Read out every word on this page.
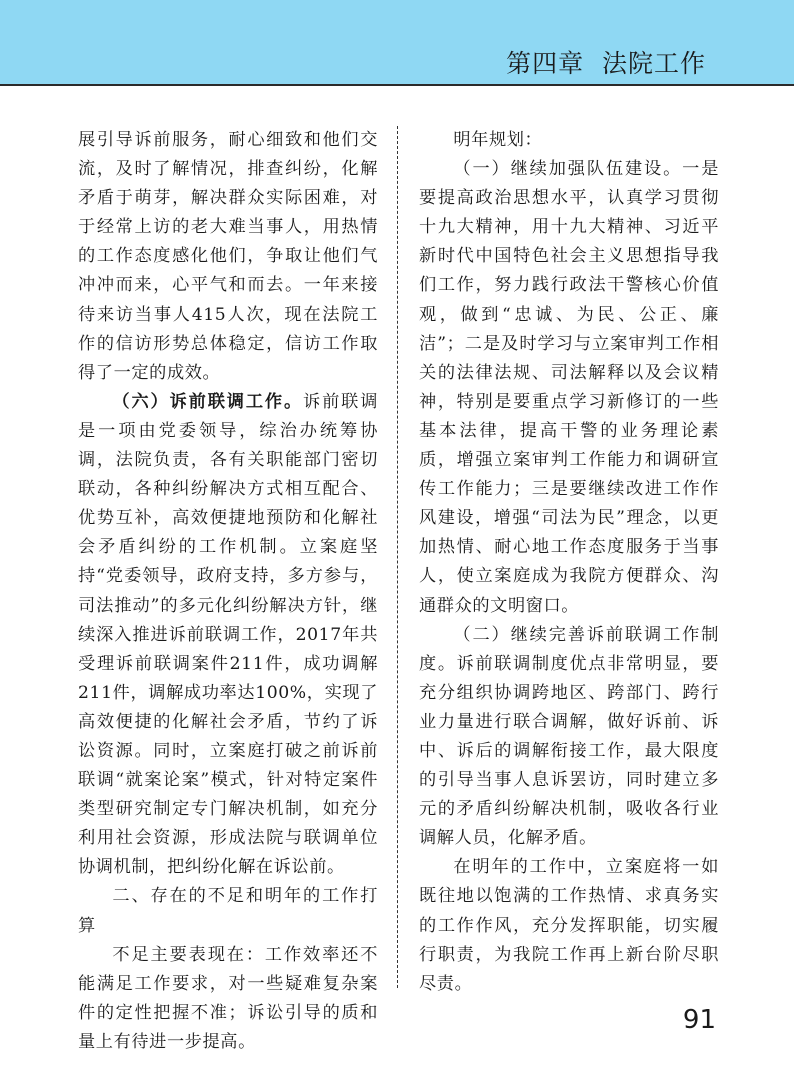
第四章  法院工作

展引导诉前服务，耐心细致和他们交流，及时了解情况，排查纠纷，化解矛盾于萌芽，解决群众实际困难，对于经常上访的老大难当事人，用热情的工作态度感化他们，争取让他们气冲冲而来，心平气和而去。一年来接待来访当事人415人次，现在法院工作的信访形势总体稳定，信访工作取得了一定的成效。

（六）诉前联调工作。诉前联调是一项由党委领导，综治办统筹协调，法院负责，各有关职能部门密切联动，各种纠纷解决方式相互配合、优势互补，高效便捷地预防和化解社会矛盾纠纷的工作机制。立案庭坚持“党委领导，政府支持，多方参与，司法推动”的多元化纠纷解决方针，继续深入推进诉前联调工作，2017年共受理诉前联调案件211件，成功调解211件，调解成功率达100%，实现了高效便捷的化解社会矛盾，节约了诉讼资源。同时，立案庭打破之前诉前联调“就案论案”模式，针对特定案件类型研究制定专门解决机制，如充分利用社会资源，形成法院与联调单位协调机制，把纠纷化解在诉讼前。

二、存在的不足和明年的工作打算

不足主要表现在：工作效率还不能满足工作要求，对一些疑难复杂案件的定性把握不准；诉讼引导的质和量上有待进一步提高。

明年规划：

（一）继续加强队伍建设。一是要提高政治思想水平，认真学习贯彻十九大精神，用十九大精神、习近平新时代中国特色社会主义思想指导我们工作，努力践行政法干警核心价值观，做到“忠诚、为民、公正、廉洁”；二是及时学习与立案审判工作相关的法律法规、司法解释以及会议精神，特别是要重点学习新修订的一些基本法律，提高干警的业务理论素质，增强立案审判工作能力和调研宣传工作能力；三是要继续改进工作作风建设，增强“司法为民”理念，以更加热情、耐心地工作态度服务于当事人，使立案庭成为我院方便群众、沟通群众的文明窗口。

（二）继续完善诉前联调工作制度。诉前联调制度优点非常明显，要充分组织协调跨地区、跨部门、跨行业力量进行联合调解，做好诉前、诉中、诉后的调解衔接工作，最大限度的引导当事人息诉罢访，同时建立多元的矛盾纠纷解决机制，吸收各行业调解人员，化解矛盾。

在明年的工作中，立案庭将一如既往地以饱满的工作热情、求真务实的工作作风，充分发挥职能，切实履行职责，为我院工作再上新台阶尽职尽责。

91
